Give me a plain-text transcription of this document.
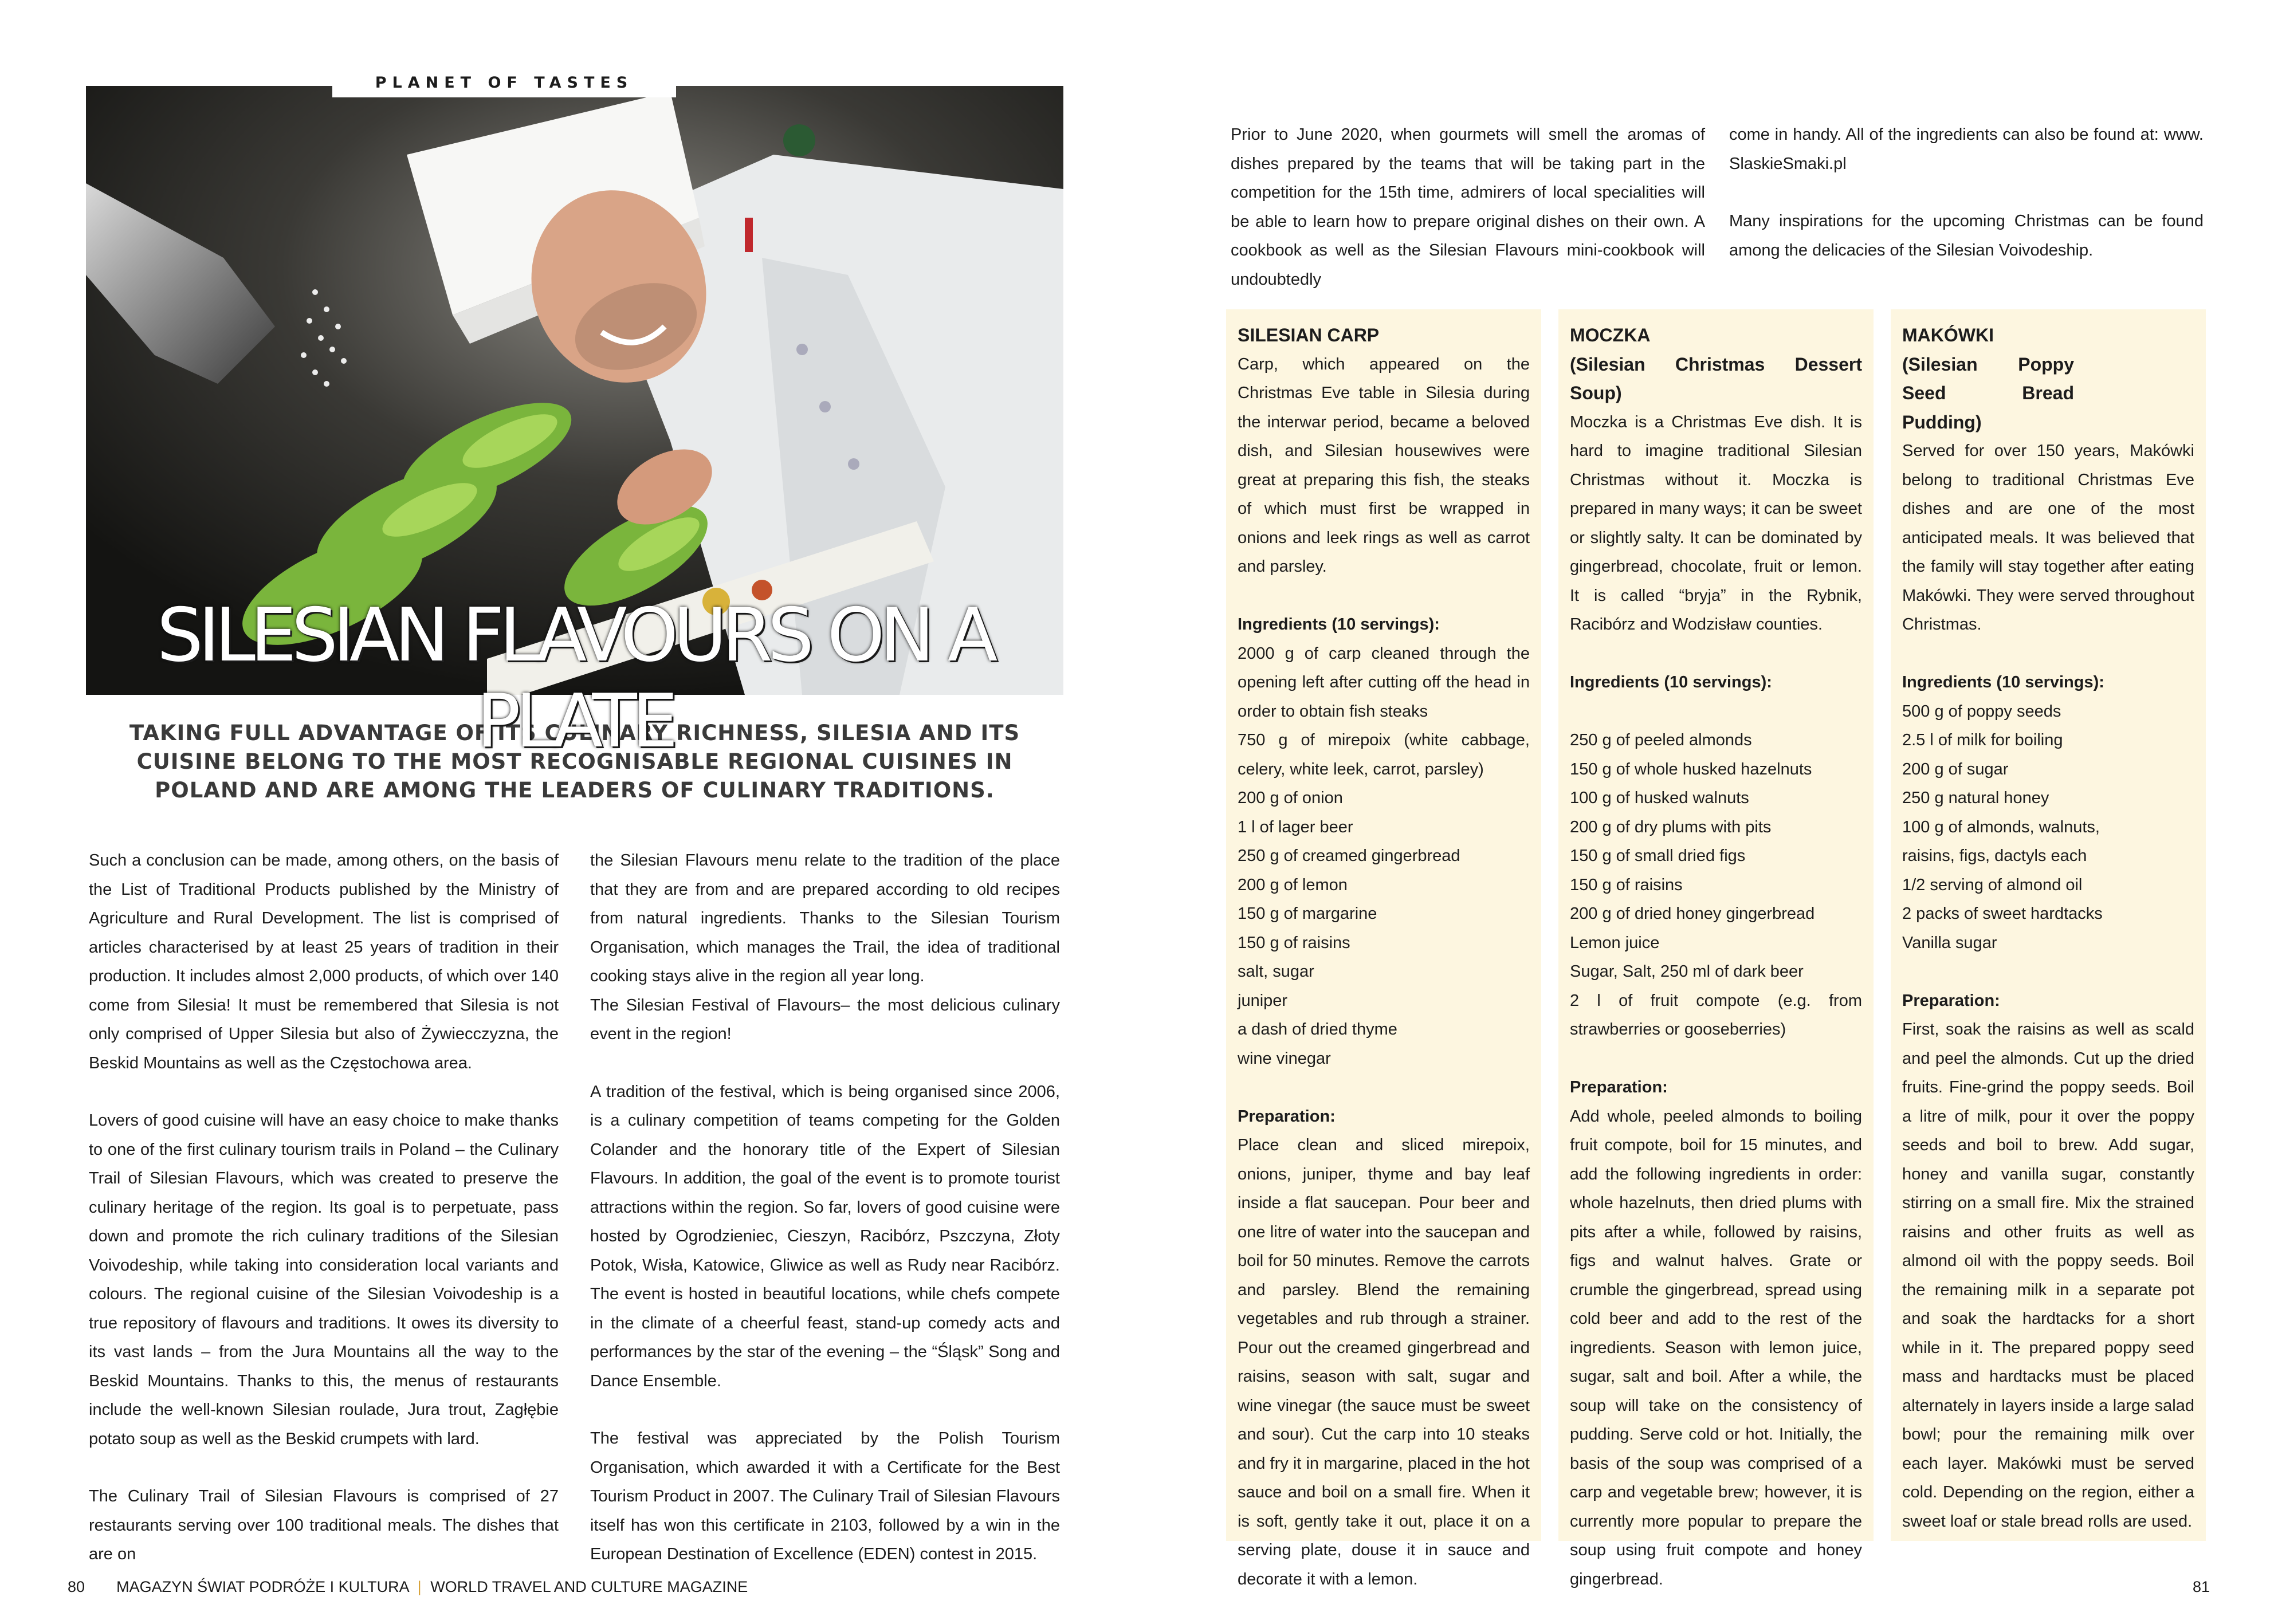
PLANET OF TASTES
SILESIAN FLAVOURS ON A PLATE
TAKING FULL ADVANTAGE OF ITS CULINARY RICHNESS, SILESIA AND ITS CUISINE BELONG TO THE MOST RECOGNISABLE REGIONAL CUISINES IN POLAND AND ARE AMONG THE LEADERS OF CULINARY TRADITIONS.

Such a conclusion can be made, among others, on the basis of the List of Traditional Products published by the Ministry of Agriculture and Rural Development. The list is comprised of articles characterised by at least 25 years of tradition in their production. It includes almost 2,000 products, of which over 140 come from Silesia! It must be remembered that Silesia is not only comprised of Upper Silesia but also of Żywiecczyzna, the Beskid Mountains as well as the Częstochowa area.

Lovers of good cuisine will have an easy choice to make thanks to one of the first culinary tourism trails in Poland – the Culinary Trail of Silesian Flavours, which was created to preserve the culinary heritage of the region. Its goal is to perpetuate, pass down and promote the rich culinary traditions of the Silesian Voivodeship, while taking into consideration local variants and colours. The regional cuisine of the Silesian Voivodeship is a true repository of flavours and traditions. It owes its diversity to its vast lands – from the Jura Mountains all the way to the Beskid Mountains. Thanks to this, the menus of restaurants include the well-known Silesian roulade, Jura trout, Zagłębie potato soup as well as the Beskid crumpets with lard.

The Culinary Trail of Silesian Flavours is comprised of 27 restaurants serving over 100 traditional meals. The dishes that are on

the Silesian Flavours menu relate to the tradition of the place that they are from and are prepared according to old recipes from natural ingredients. Thanks to the Silesian Tourism Organisation, which manages the Trail, the idea of traditional cooking stays alive in the region all year long.

The Silesian Festival of Flavours– the most delicious culinary event in the region!

A tradition of the festival, which is being organised since 2006, is a culinary competition of teams competing for the Golden Colander and the honorary title of the Expert of Silesian Flavours. In addition, the goal of the event is to promote tourist attractions within the region. So far, lovers of good cuisine were hosted by Ogrodzieniec, Cieszyn, Racibórz, Pszczyna, Złoty Potok, Wisła, Katowice, Gliwice as well as Rudy near Racibórz. The event is hosted in beautiful locations, while chefs compete in the climate of a cheerful feast, stand-up comedy acts and performances by the star of the evening – the “Śląsk” Song and Dance Ensemble.

The festival was appreciated by the Polish Tourism Organisation, which awarded it with a Certificate for the Best Tourism Product in 2007. The Culinary Trail of Silesian Flavours itself has won this certificate in 2103, followed by a win in the European Destination of Excellence (EDEN) contest in 2015.

80 MAGAZYN ŚWIAT PODRÓŻE I KULTURA | WORLD TRAVEL AND CULTURE MAGAZINE

Prior to June 2020, when gourmets will smell the aromas of dishes prepared by the teams that will be taking part in the competition for the 15th time, admirers of local specialities will be able to learn how to prepare original dishes on their own. A cookbook as well as the Silesian Flavours mini-cookbook will undoubtedly

come in handy. All of the ingredients can also be found at: www. SlaskieSmaki.pl

Many inspirations for the upcoming Christmas can be found among the delicacies of the Silesian Voivodeship.

SILESIAN CARP
Carp, which appeared on the Christmas Eve table in Silesia during the interwar period, became a beloved dish, and Silesian housewives were great at preparing this fish, the steaks of which must first be wrapped in onions and leek rings as well as carrot and parsley.
Ingredients (10 servings):
2000 g of carp cleaned through the opening left after cutting off the head in order to obtain fish steaks
750 g of mirepoix (white cabbage, celery, white leek, carrot, parsley)
200 g of onion
1 l of lager beer
250 g of creamed gingerbread
200 g of lemon
150 g of margarine
150 g of raisins
salt, sugar
juniper
a dash of dried thyme
wine vinegar
Preparation:
Place clean and sliced mirepoix, onions, juniper, thyme and bay leaf inside a flat saucepan. Pour beer and one litre of water into the saucepan and boil for 50 minutes. Remove the carrots and parsley. Blend the remaining vegetables and rub through a strainer. Pour out the creamed gingerbread and raisins, season with salt, sugar and wine vinegar (the sauce must be sweet and sour). Cut the carp into 10 steaks and fry it in margarine, placed in the hot sauce and boil on a small fire. When it is soft, gently take it out, place it on a serving plate, douse it in sauce and decorate it with a lemon.
MOCZKA
(Silesian Christmas Dessert Soup)
Moczka is a Christmas Eve dish. It is hard to imagine traditional Silesian Christmas without it. Moczka is prepared in many ways; it can be sweet or slightly salty. It can be dominated by gingerbread, chocolate, fruit or lemon. It is called “bryja” in the Rybnik, Racibórz and Wodzisław counties.
Ingredients (10 servings):
250 g of peeled almonds
150 g of whole husked hazelnuts
100 g of husked walnuts
200 g of dry plums with pits
150 g of small dried figs
150 g of raisins
200 g of dried honey gingerbread
Lemon juice
Sugar, Salt, 250 ml of dark beer
2 l of fruit compote (e.g. from strawberries or gooseberries)
Preparation:
Add whole, peeled almonds to boiling fruit compote, boil for 15 minutes, and add the following ingredients in order: whole hazelnuts, then dried plums with pits after a while, followed by raisins, figs and walnut halves. Grate or crumble the gingerbread, spread using cold beer and add to the rest of the ingredients. Season with lemon juice, sugar, salt and boil. After a while, the soup will take on the consistency of pudding. Serve cold or hot. Initially, the basis of the soup was comprised of a carp and vegetable brew; however, it is currently more popular to prepare the soup using fruit compote and honey gingerbread.
MAKÓWKI
(Silesian Poppy Seed Bread Pudding)
Served for over 150 years, Makówki belong to traditional Christmas Eve dishes and are one of the most anticipated meals. It was believed that the family will stay together after eating Makówki. They were served throughout Christmas.
Ingredients (10 servings):
500 g of poppy seeds
2.5 l of milk for boiling
200 g of sugar
250 g natural honey
100 g of almonds, walnuts,
raisins, figs, dactyls each
1/2 serving of almond oil
2 packs of sweet hardtacks
Vanilla sugar
Preparation:
First, soak the raisins as well as scald and peel the almonds. Cut up the dried fruits. Fine-grind the poppy seeds. Boil a litre of milk, pour it over the poppy seeds and boil to brew. Add sugar, honey and vanilla sugar, constantly stirring on a small fire. Mix the strained raisins and other fruits as well as almond oil with the poppy seeds. Boil the remaining milk in a separate pot and soak the hardtacks for a short while in it. The prepared poppy seed mass and hardtacks must be placed alternately in layers inside a large salad bowl; pour the remaining milk over each layer. Makówki must be served cold. Depending on the region, either a sweet loaf or stale bread rolls are used.
81
